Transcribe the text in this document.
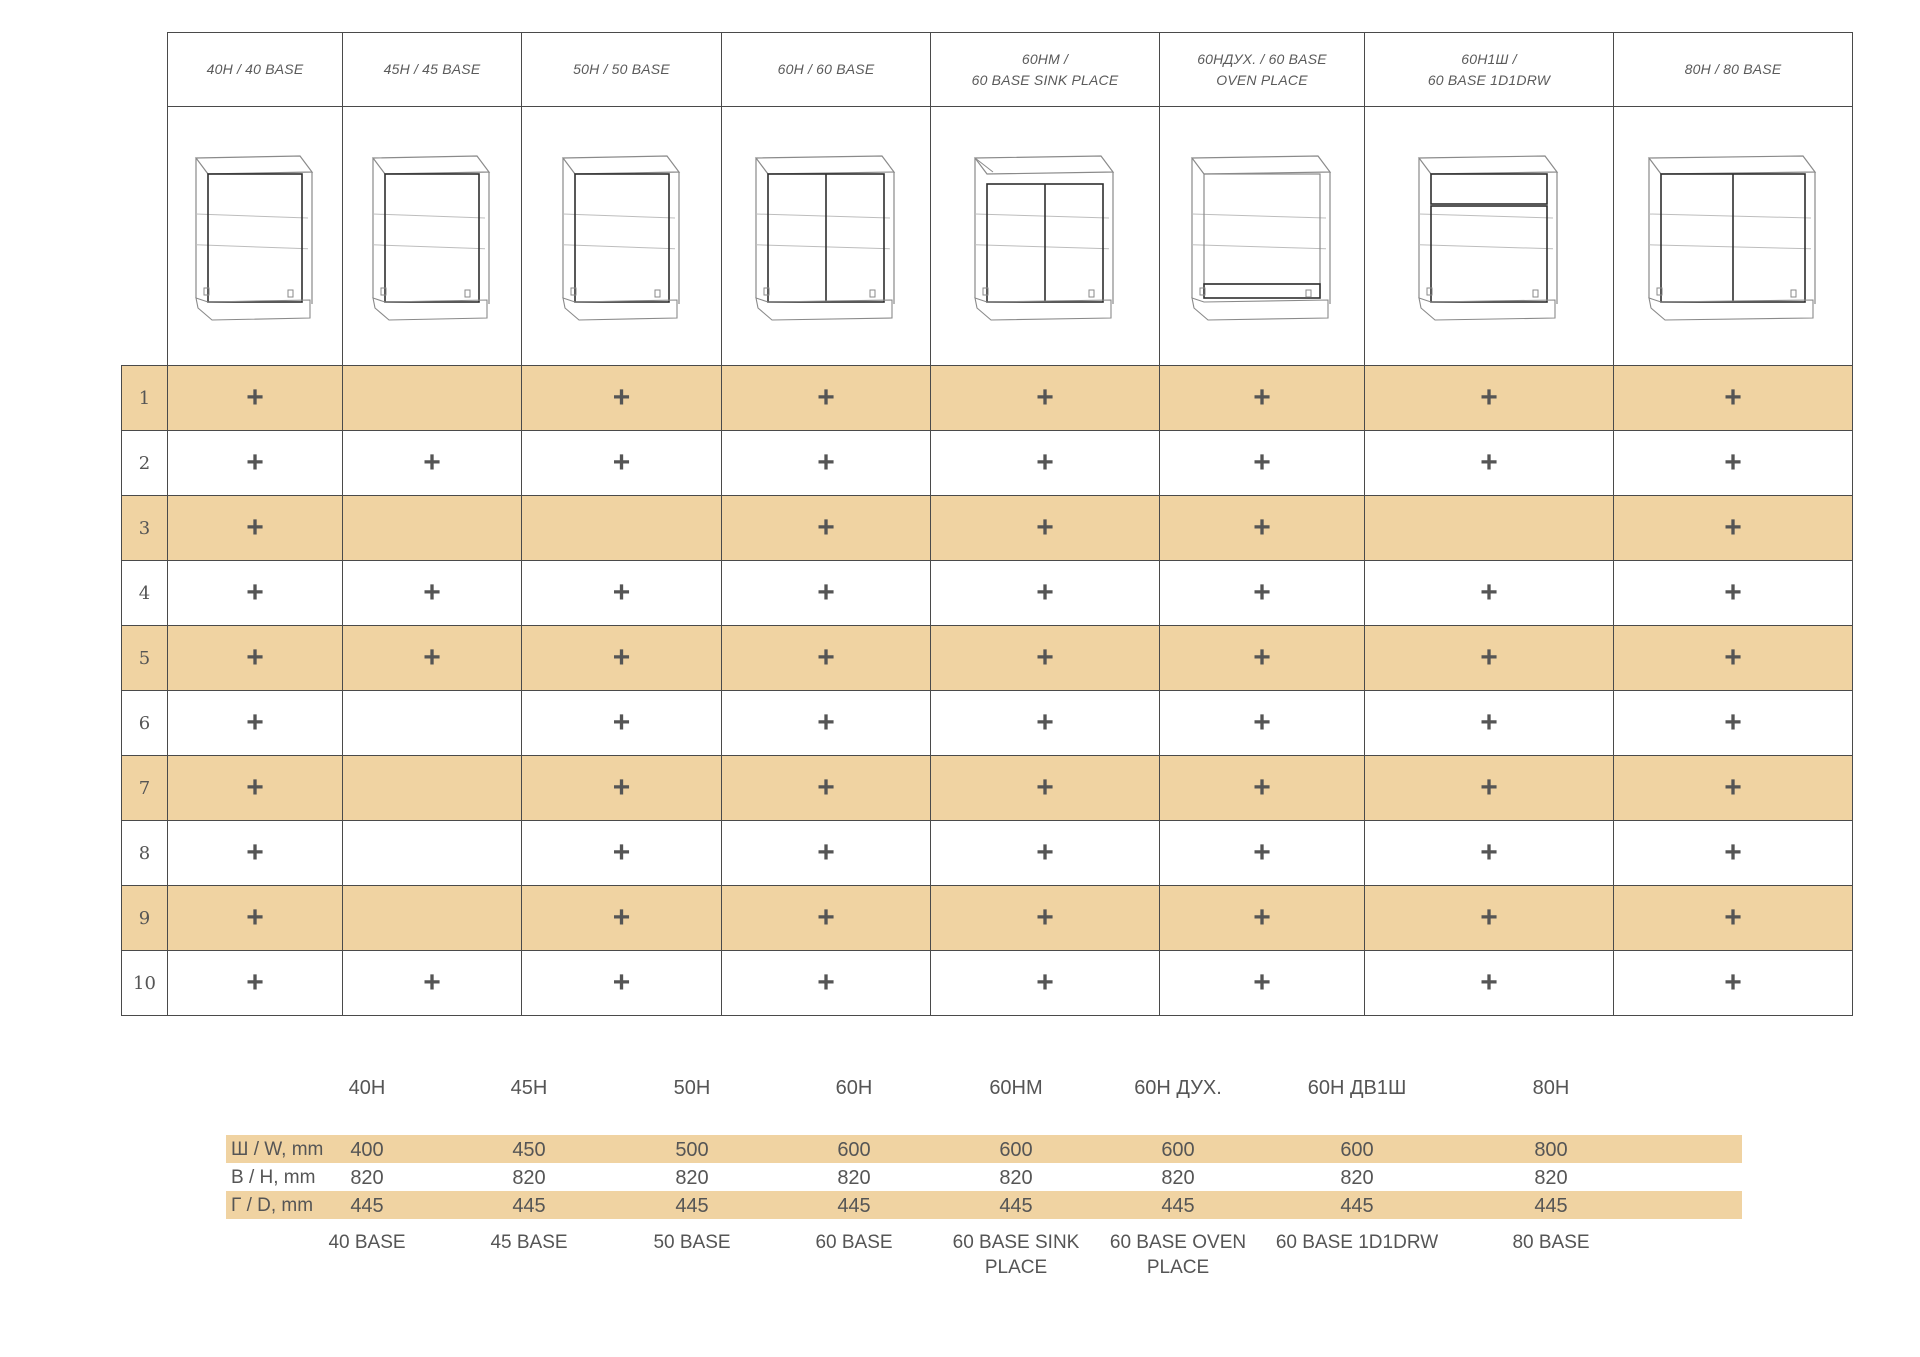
	40Н / 40 BASE	45Н / 45 BASE	50Н / 50 BASE	60Н / 60 BASE	60НМ /
60 BASE SINK PLACE	60НДУХ. / 60 BASE
OVEN PLACE	60Н1Ш /
60 BASE 1D1DRW	80Н / 80 BASE

1	+		+	+	+	+	+	+
2	+	+	+	+	+	+	+	+
3	+			+	+	+		+
4	+	+	+	+	+	+	+	+
5	+	+	+	+	+	+	+	+
6	+		+	+	+	+	+	+
7	+		+	+	+	+	+	+
8	+		+	+	+	+	+	+
9	+		+	+	+	+	+	+
10	+	+	+	+	+	+	+	+
40Н	45Н	50Н	60Н	60НМ	60Н ДУХ.	60Н ДВ1Ш	80Н
Ш / W, mm	400	450	500	600	600	600	600	800
В / Н, mm	820	820	820	820	820	820	820	820
Г / D, mm	445	445	445	445	445	445	445	445
40 BASE	45 BASE	50 BASE	60 BASE	60 BASE SINK PLACE
60 BASE OVEN PLACE
60 BASE 1D1DRW	80 BASE
